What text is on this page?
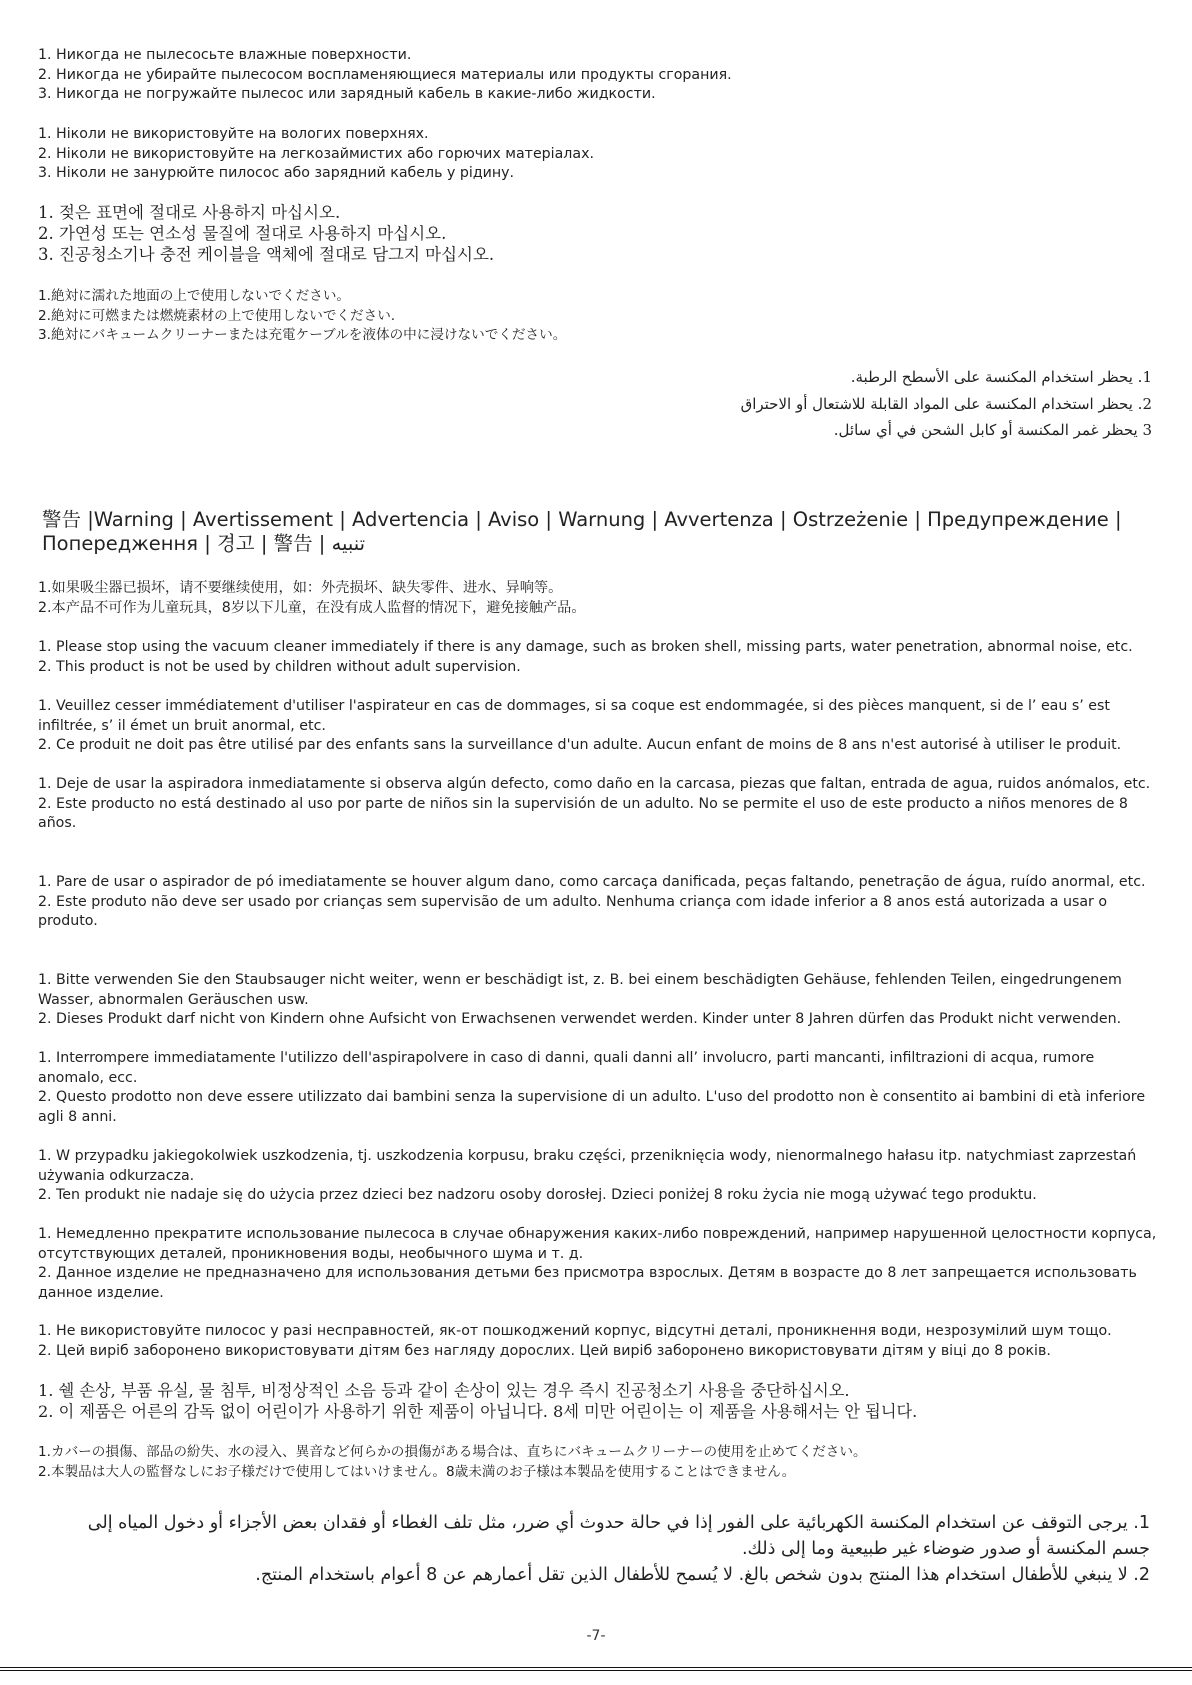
1. Никогда не пылесосьте влажные поверхности.
2. Никогда не убирайте пылесосом воспламеняющиеся материалы или продукты сгорания.
3. Никогда не погружайте пылесос или зарядный кабель в какие-либо жидкости.
1. Ніколи не використовуйте на вологих поверхнях.
2. Ніколи не використовуйте на легкозаймистих або горючих матеріалах.
3. Ніколи не занурюйте пилосос або зарядний кабель у рідину.
1. 젖은 표면에 절대로 사용하지 마십시오.
2. 가연성 또는 연소성 물질에 절대로 사용하지 마십시오.
3. 진공청소기나 충전 케이블을 액체에 절대로 담그지 마십시오.
1.絶対に濡れた地面の上で使用しないでください。
2.絶対に可燃または燃焼素材の上で使用しないでください.
3.絶対にバキュームクリーナーまたは充電ケーブルを液体の中に浸けないでください。
1. يحظر استخدام المكنسة على الأسطح الرطبة.
2. يحظر استخدام المكنسة على المواد القابلة للاشتعال أو الاحتراق
3 يحظر غمر المكنسة أو كابل الشحن في أي سائل.
警告 |Warning | Avertissement | Advertencia | Aviso | Warnung | Avvertenza | Ostrzeżenie | Предупреждение | Попередження | 경고 | 警告 | تنبيه
1.如果吸尘器已损坏，请不要继续使用，如：外壳损坏、缺失零件、进水、异响等。
2.本产品不可作为儿童玩具，8岁以下儿童，在没有成人监督的情况下，避免接触产品。
1. Please stop using the vacuum cleaner immediately if there is any damage, such as broken shell, missing parts, water penetration, abnormal noise, etc.
2. This product is not be used by children without adult supervision.
1. Veuillez cesser immédiatement d'utiliser l'aspirateur en cas de dommages, si sa coque est endommagée, si des pièces manquent, si de l’ eau s’ est infiltrée, s’ il émet un bruit anormal, etc.
2. Ce produit ne doit pas être utilisé par des enfants sans la surveillance d'un adulte. Aucun enfant de moins de 8 ans n'est autorisé à utiliser le produit.
1. Deje de usar la aspiradora inmediatamente si observa algún defecto, como daño en la carcasa, piezas que faltan, entrada de agua, ruidos anómalos, etc.
2. Este producto no está destinado al uso por parte de niños sin la supervisión de un adulto. No se permite el uso de este producto a niños menores de 8 años.
1. Pare de usar o aspirador de pó imediatamente se houver algum dano, como carcaça danificada, peças faltando, penetração de água, ruído anormal, etc.
2. Este produto não deve ser usado por crianças sem supervisão de um adulto. Nenhuma criança com idade inferior a 8 anos está autorizada a usar o produto.
1. Bitte verwenden Sie den Staubsauger nicht weiter, wenn er beschädigt ist, z. B. bei einem beschädigten Gehäuse, fehlenden Teilen, eingedrungenem Wasser, abnormalen Geräuschen usw.
2. Dieses Produkt darf nicht von Kindern ohne Aufsicht von Erwachsenen verwendet werden. Kinder unter 8 Jahren dürfen das Produkt nicht verwenden.
1. Interrompere immediatamente l'utilizzo dell'aspirapolvere in caso di danni, quali danni all’ involucro, parti mancanti, infiltrazioni di acqua, rumore anomalo, ecc.
2. Questo prodotto non deve essere utilizzato dai bambini senza la supervisione di un adulto. L'uso del prodotto non è consentito ai bambini di età inferiore agli 8 anni.
1. W przypadku jakiegokolwiek uszkodzenia, tj. uszkodzenia korpusu, braku części, przeniknięcia wody, nienormalnego hałasu itp. natychmiast zaprzestań używania odkurzacza.
2. Ten produkt nie nadaje się do użycia przez dzieci bez nadzoru osoby dorosłej. Dzieci poniżej 8 roku życia nie mogą używać tego produktu.
1. Немедленно прекратите использование пылесоса в случае обнаружения каких-либо повреждений, например нарушенной целостности корпуса, отсутствующих деталей, проникновения воды, необычного шума и т. д.
2. Данное изделие не предназначено для использования детьми без присмотра взрослых. Детям в возрасте до 8 лет запрещается использовать данное изделие.
1. Не використовуйте пилосос у разі несправностей, як-от пошкоджений корпус, відсутні деталі, проникнення води, незрозумілий шум тощо.
2. Цей виріб заборонено використовувати дітям без нагляду дорослих. Цей виріб заборонено використовувати дітям у віці до 8 років.
1. 쉘 손상, 부품 유실, 물 침투, 비정상적인 소음 등과 같이 손상이 있는 경우 즉시 진공청소기 사용을 중단하십시오.
2. 이 제품은 어른의 감독 없이 어린이가 사용하기 위한 제품이 아닙니다. 8세 미만 어린이는 이 제품을 사용해서는 안 됩니다.
1.カバーの損傷、部品の紛失、水の浸入、異音など何らかの損傷がある場合は、直ちにバキュームクリーナーの使用を止めてください。
2.本製品は大人の監督なしにお子様だけで使用してはいけません。8歳未満のお子様は本製品を使用することはできません。
1. يرجى التوقف عن استخدام المكنسة الكهربائية على الفور إذا في حالة حدوث أي ضرر، مثل تلف الغطاء أو فقدان بعض الأجزاء أو دخول المياه إلى جسم المكنسة أو صدور ضوضاء غير طبيعية وما إلى ذلك.
2. لا ينبغي للأطفال استخدام هذا المنتج بدون شخص بالغ. لا يُسمح للأطفال الذين تقل أعمارهم عن 8 أعوام باستخدام المنتج.
-7-
